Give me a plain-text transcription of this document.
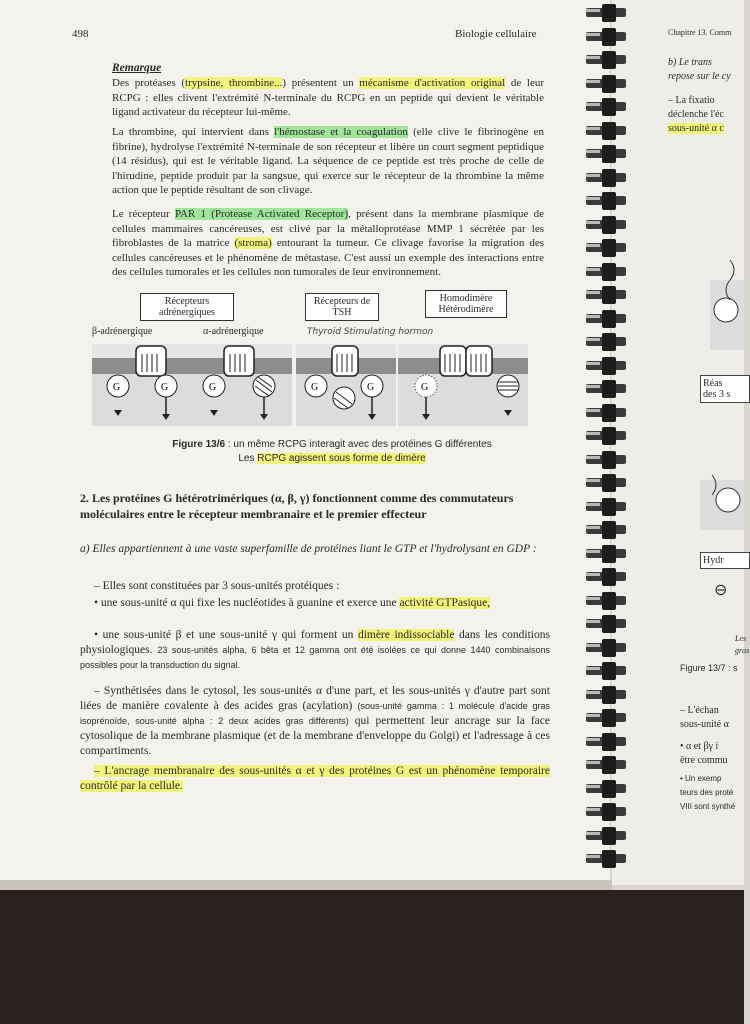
Chapitre 13. Comm
b) Le trans
repose sur le cy
– La fixatio
déclenche l'éc
sous-unité α c
Réas
des 3 s
Hydr
⊖
Les
gras
Figure 13/7 : s
– L'échan
sous-unité α
• α et βγ i
être commu
• Un exemp
teurs des proté
VIII sont synthé
498	Biologie cellulaire
Remarque
Des protéases (trypsine, thrombine...) présentent un mécanisme d'activation original de leur RCPG : elles clivent l'extrémité N-terminale du RCPG en un peptide qui devient le véritable ligand activateur du récepteur lui-même.
La thrombine, qui intervient dans l'hémostase et la coagulation (elle clive le fibrinogène en fibrine), hydrolyse l'extrémité N-terminale de son récepteur et libère un court segment peptidique (14 résidus), qui est le véritable ligand. La séquence de ce peptide est très proche de celle de l'hirudine, peptide produit par la sangsue, qui exerce sur le récepteur de la thrombine la même action que le peptide résultant de son clivage.
Le récepteur PAR 1 (Protease Activated Receptor), présent dans la membrane plasmique de cellules mammaires cancéreuses, est clivé par la métalloprotéase MMP 1 sécrétée par les fibroblastes de la matrice (stroma) entourant la tumeur. Ce clivage favorise la migration des cellules cancéreuses et le phénomène de métastase. C'est aussi un exemple des interactions entre des cellules tumorales et les cellules non tumorales de leur environnement.
Récepteurs adrénergiques
Récepteurs de TSH
Homodimère Hétérodimère
β-adrénergique	α-adrénergique	Thyroid Stimulating hormon
G	G	G	G	G	G
Figure 13/6 : un même RCPG interagit avec des protéines G différentes
Les RCPG agissent sous forme de dimère
2. Les protéines G hétérotrimériques (α, β, γ) fonctionnent comme des commutateurs moléculaires entre le récepteur membranaire et le premier effecteur
a) Elles appartiennent à une vaste superfamille de protéines liant le GTP et l'hydrolysant en GDP :
– Elles sont constituées par 3 sous-unités protéiques :
• une sous-unité α qui fixe les nucléotides à guanine et exerce une activité GTPasique,
• une sous-unité β et une sous-unité γ qui forment un dimère indissociable dans les conditions physiologiques. 23 sous-unités alpha, 6 bêta et 12 gamma ont été isolées ce qui donne 1440 combinaisons possibles pour la transduction du signal.
– Synthétisées dans le cytosol, les sous-unités α d'une part, et les sous-unités γ d'autre part sont liées de manière covalente à des acides gras (acylation) (sous-unité gamma : 1 molécule d'acide gras isoprénoïde, sous-unité alpha : 2 deux acides gras différents) qui permettent leur ancrage sur la face cytosolique de la membrane plasmique (et de la membrane d'enveloppe du Golgi) et l'adressage à ces compartiments.
– L'ancrage membranaire des sous-unités α et γ des protéines G est un phénomène temporaire contrôlé par la cellule.
